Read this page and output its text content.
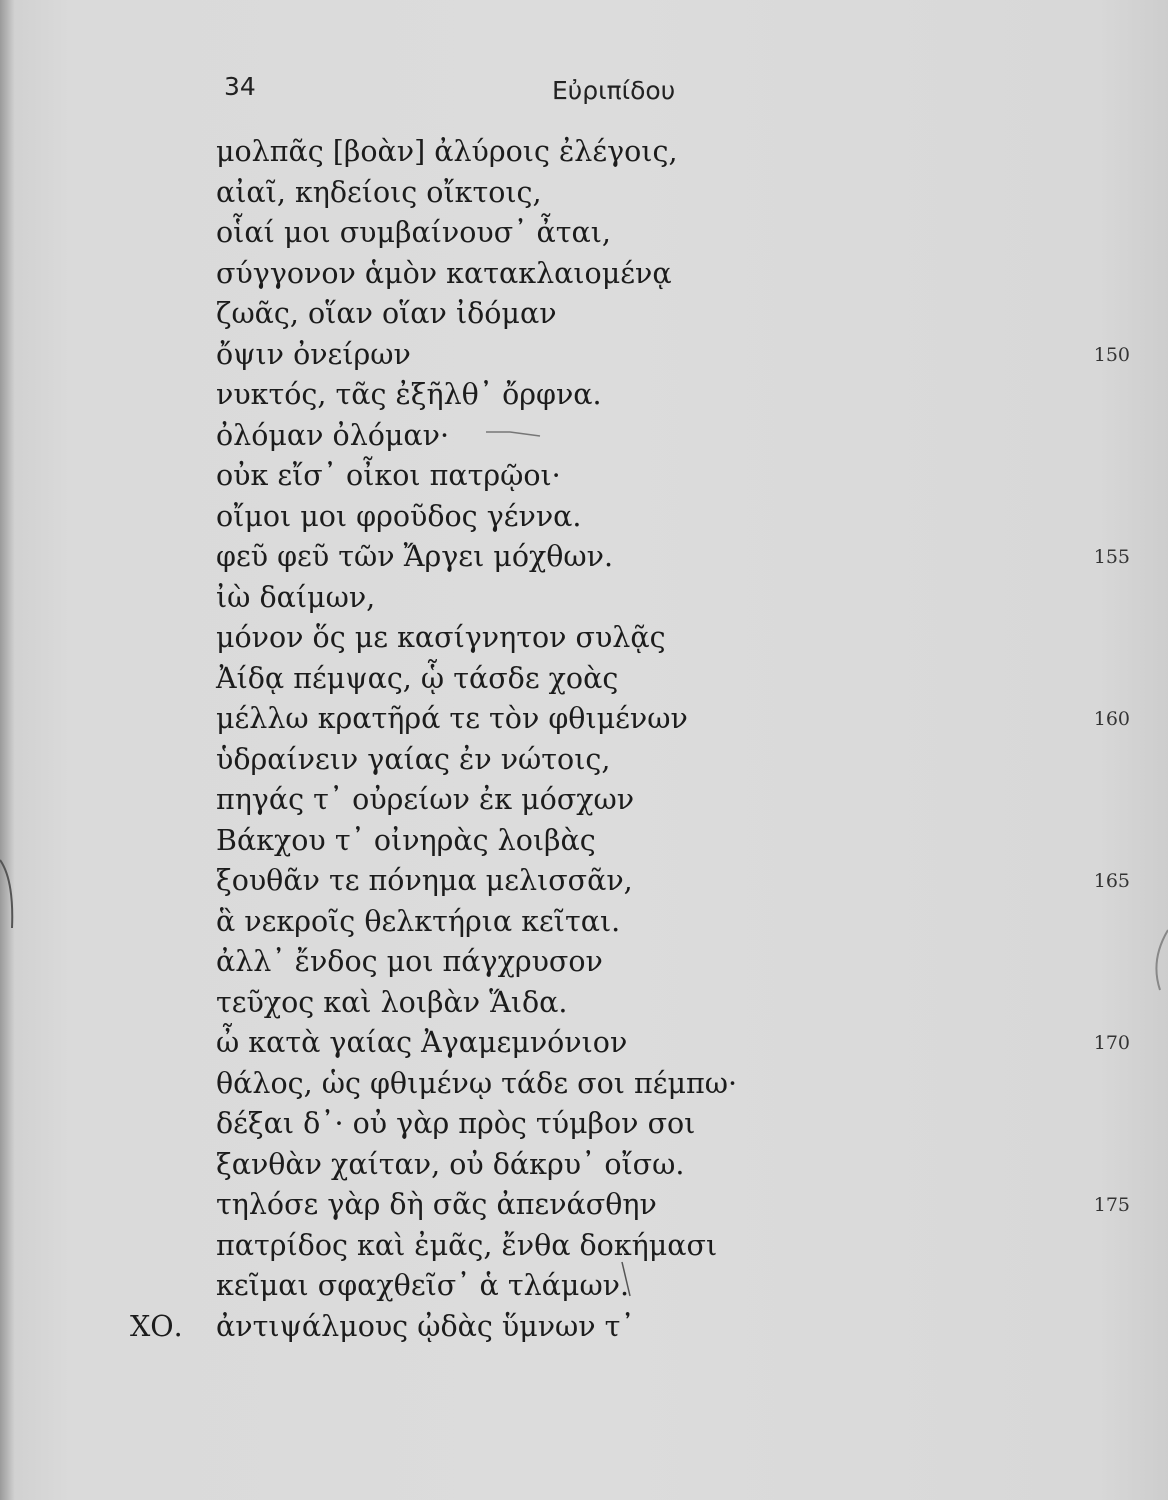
34	Εὐριπίδου
μολπᾶς [βοὰν] ἀλύροις ἐλέγοις,
αἰαῖ, κηδείοις οἴκτοις,
οἷαί μοι συμβαίνουσ᾽ ἆται,
σύγγονον ἁμὸν κατακλαιομένᾳ
ζωᾶς, οἵαν οἵαν ἰδόμαν
ὄψιν ὀνείρων	150
νυκτός, τᾶς ἐξῆλθ᾽ ὄρφνα.
ὀλόμαν ὀλόμαν·
οὐκ εἴσ᾽ οἶκοι πατρῷοι·
οἴμοι μοι φροῦδος γέννα.
φεῦ φεῦ τῶν Ἄργει μόχθων.	155
ἰὼ δαίμων,
μόνον ὅς με κασίγνητον συλᾷς
Ἀίδᾳ πέμψας, ᾧ τάσδε χοὰς
μέλλω κρατῆρά τε τὸν φθιμένων	160
ὑδραίνειν γαίας ἐν νώτοις,
πηγάς τ᾽ οὐρείων ἐκ μόσχων
Βάκχου τ᾽ οἰνηρὰς λοιβὰς
ξουθᾶν τε πόνημα μελισσᾶν,	165
ἃ νεκροῖς θελκτήρια κεῖται.
ἀλλ᾽ ἔνδος μοι πάγχρυσον
τεῦχος καὶ λοιβὰν Ἅιδα.
ὦ κατὰ γαίας Ἀγαμεμνόνιον	170
θάλος, ὡς φθιμένῳ τάδε σοι πέμπω·
δέξαι δ᾽· οὐ γὰρ πρὸς τύμβον σοι
ξανθὰν χαίταν, οὐ δάκρυ᾽ οἴσω.
τηλόσε γὰρ δὴ σᾶς ἀπενάσθην	175
πατρίδος καὶ ἐμᾶς, ἔνθα δοκήμασι
κεῖμαι σφαχθεῖσ᾽ ἁ τλάμων.
ΧΟ. ἀντιψάλμους ᾠδὰς ὕμνων τ᾽
